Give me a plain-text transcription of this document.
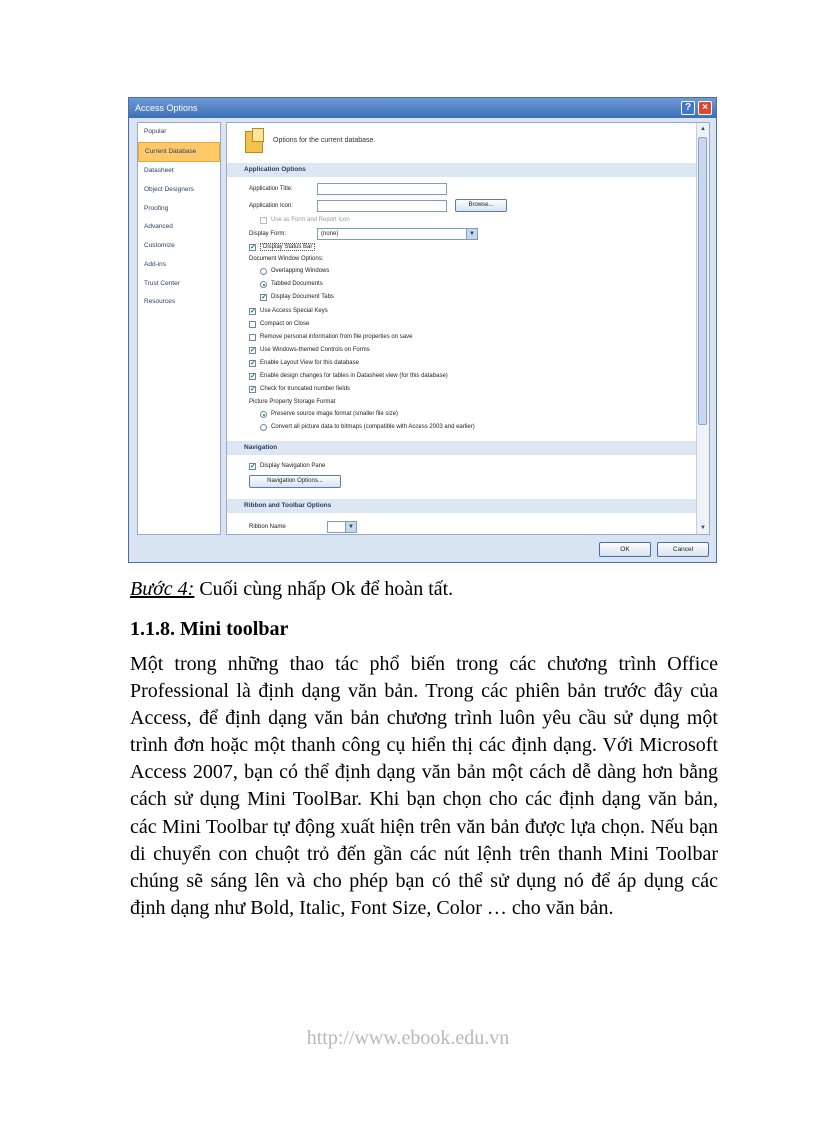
Access Options	?	×
Popular
Current Database
Datasheet
Object Designers
Proofing
Advanced
Customize
Add-ins
Trust Center
Resources
Options for the current database.
Application Options
Application Title:
Application Icon:	Browse...
Use as Form and Report Icon
Display Form:	(none)	▼
✓	Display Status Bar
Document Window Options:
Overlapping Windows
Tabbed Documents
✓ Display Document Tabs
✓ Use Access Special Keys
Compact on Close
Remove personal information from file properties on save
✓ Use Windows-themed Controls on Forms
✓ Enable Layout View for this database
✓ Enable design changes for tables in Datasheet view (for this database)
✓ Check for truncated number fields
Picture Property Storage Format
Preserve source image format (smaller file size)
Convert all picture data to bitmaps (compatible with Access 2003 and earlier)
Navigation
✓ Display Navigation Pane
Navigation Options...
Ribbon and Toolbar Options
Ribbon Name	▼
▲
▼
OK	Cancel
Bước 4: Cuối cùng nhấp Ok để hoàn tất.
1.1.8. Mini toolbar
Một trong những thao tác phổ biến trong các chương trình Office Professional là định dạng văn bản. Trong các phiên bản trước đây của Access, để định dạng văn bản chương trình luôn yêu cầu sử dụng một trình đơn hoặc một thanh công cụ hiển thị các định dạng. Với Microsoft Access 2007, bạn có thể định dạng văn bản một cách dễ dàng hơn bằng cách sử dụng Mini ToolBar. Khi bạn chọn cho các định dạng văn bản, các Mini Toolbar tự động xuất hiện trên văn bản được lựa chọn. Nếu bạn di chuyển con chuột trỏ đến gần các nút lệnh trên thanh Mini Toolbar chúng sẽ sáng lên và cho phép bạn có thể sử dụng nó để áp dụng các định dạng như Bold, Italic, Font Size, Color … cho văn bản.
http://www.ebook.edu.vn
